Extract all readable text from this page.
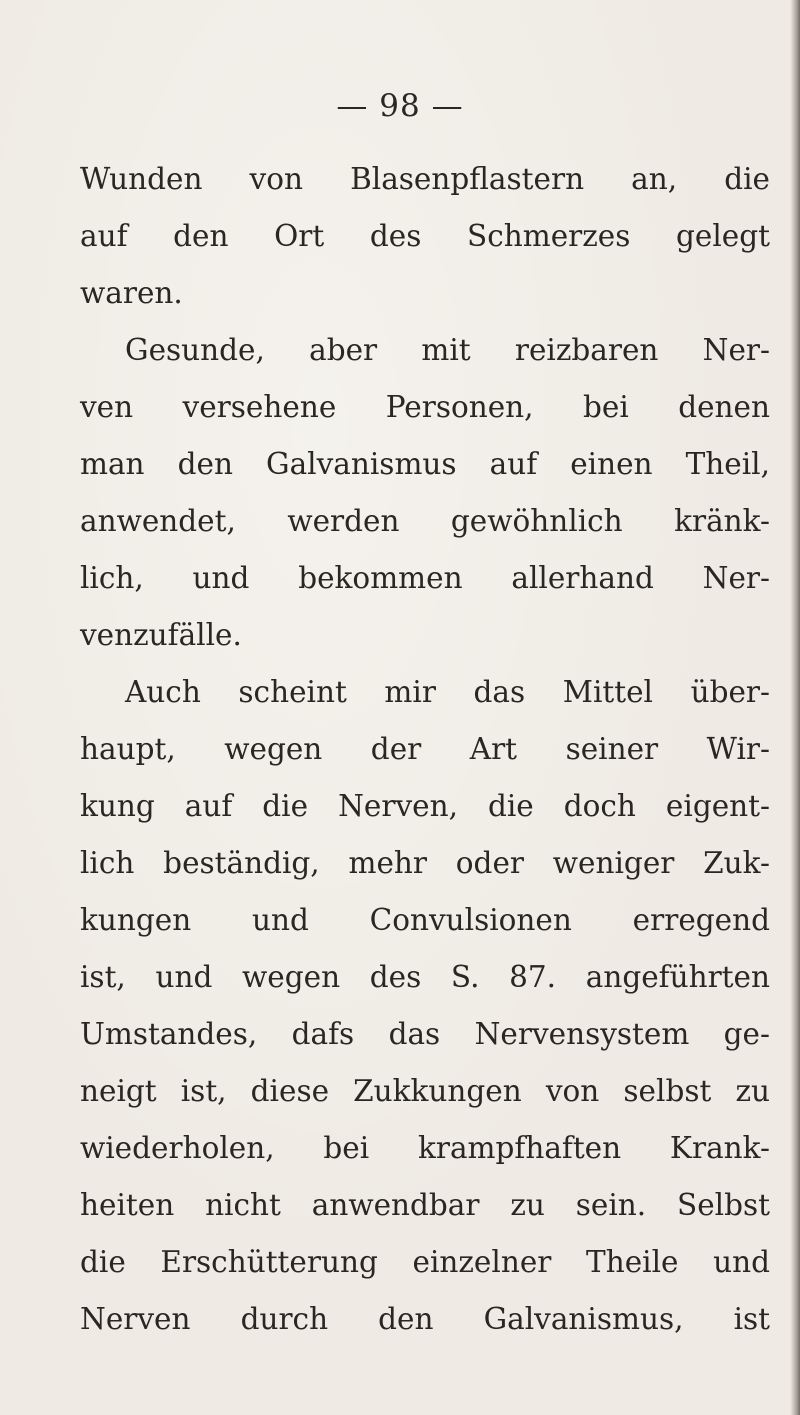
— 98 —
Wunden von Blasenpflastern an, die
auf den Ort des Schmerzes gelegt
waren.
Gesunde, aber mit reizbaren Ner-
ven versehene Personen, bei denen
man den Galvanismus auf einen Theil,
anwendet, werden gewöhnlich kränk-
lich, und bekommen allerhand Ner-
venzufälle.
Auch scheint mir das Mittel über-
haupt, wegen der Art seiner Wir-
kung auf die Nerven, die doch eigent-
lich beständig, mehr oder weniger Zuk-
kungen und Convulsionen erregend
ist, und wegen des S. 87. angeführten
Umstandes, dafs das Nervensystem ge-
neigt ist, diese Zukkungen von selbst zu
wiederholen, bei krampfhaften Krank-
heiten nicht anwendbar zu sein. Selbst
die Erschütterung einzelner Theile und
Nerven durch den Galvanismus, ist
